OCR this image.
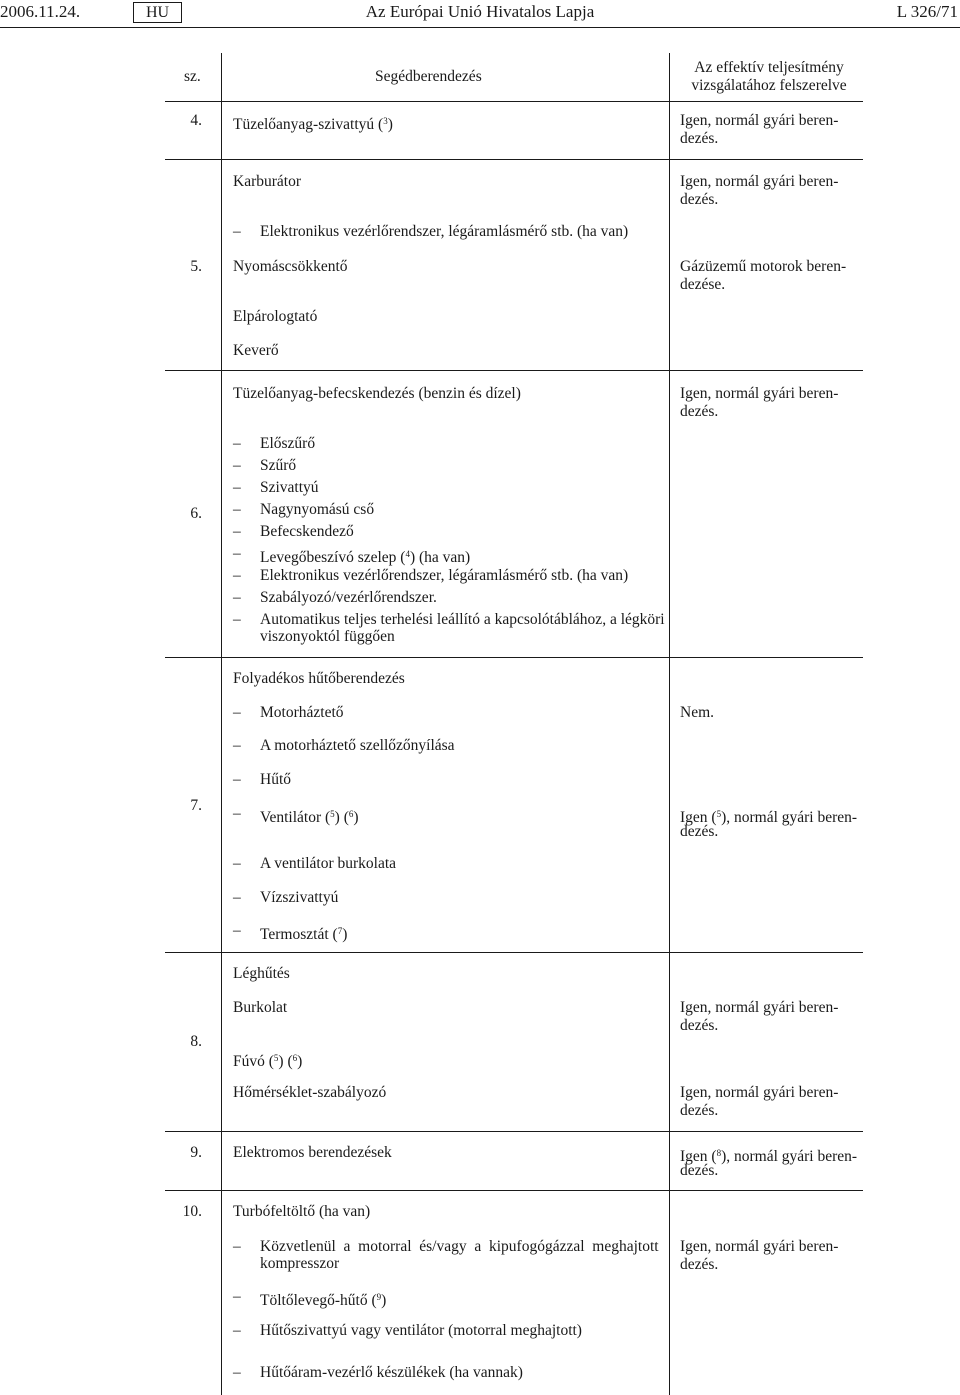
2006.11.24.	HU	Az Európai Unió Hivatalos Lapja	L 326/71
sz.	Segédberendezés
Az effektív teljesítmény
vizsgálatához felszerelve
4. Tüzelőanyag-szivattyú ($^3$)	Igen, normál gyári beren-
dezés.
Karburátor	Igen, normál gyári beren-
dezés.
– Elektronikus vezérlőrendszer, légáramlásmérő stb. (ha van)
5. Nyomáscsökkentő	Gázüzemű motorok beren-
dezése.
Elpárologtató
Keverő
Tüzelőanyag-befecskendezés (benzin és dízel)	Igen, normál gyári beren-
dezés.
– Előszűrő
– Szűrő
– Szivattyú
6.
–	Nagynyomású cső
– Befecskendező
– Levegőbeszívó szelep ($^4$) (ha van)
– Elektronikus vezérlőrendszer, légáramlásmérő stb. (ha van)
– Szabályozó/vezérlőrendszer.
– Automatikus teljes terhelési leállító a kapcsolótáblához, a légköri
viszonyoktól függően
Folyadékos hűtőberendezés
– Motorháztető	Nem.
– A motorháztető szellőzőnyílása
– Hűtő
7.
– Ventilátor ($^5$) ($^6$)	Igen ($^5$), normál gyári beren-
dezés.
– A ventilátor burkolata
– Vízszivattyú
– Termosztát ($^7$)
Léghűtés
Burkolat	Igen, normál gyári beren-
dezés.
8.
Fúvó ($^5$) ($^6$)
Hőmérséklet-szabályozó	Igen, normál gyári beren-
dezés.
9. Elektromos berendezések	Igen ($^8$), normál gyári beren-
dezés.
10. Turbófeltöltő (ha van)
– Közvetlenül  a  motorral  és/vagy  a  kipufogógázzal  meghajtott
kompresszor
Igen, normál gyári beren-
dezés.
– Töltőlevegő-hűtő ($^9$)
– Hűtőszivattyú vagy ventilátor (motorral meghajtott)
– Hűtőáram-vezérlő készülékek (ha vannak)
